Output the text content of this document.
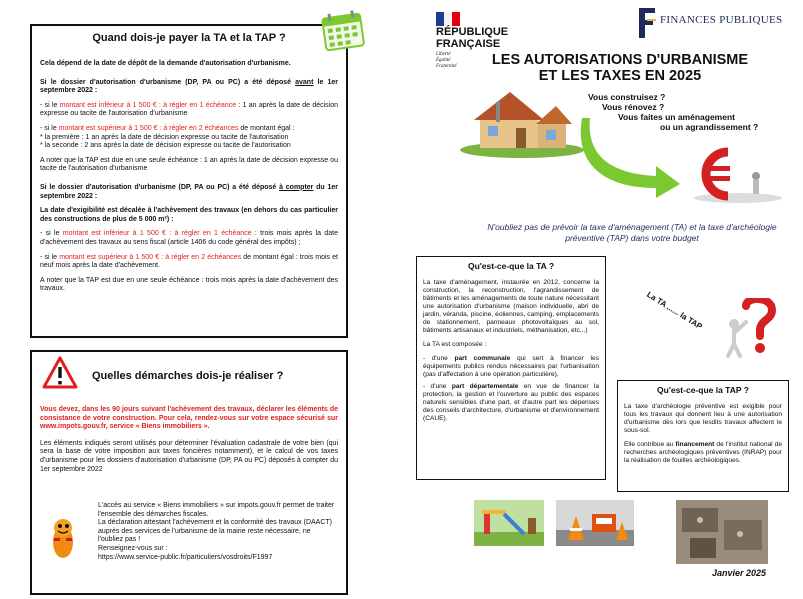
Quand dois-je payer la TA et la TAP ?

Cela dépend de la date de dépôt de la demande d'autorisation d'urbanisme.

Si le dossier d'autorisation d'urbanisme (DP, PA ou PC) a été déposé avant le 1er septembre 2022 :

- si le montant est inférieur à 1 500 € : à régler en 1 échéance : 1 an après la date de décision expresse ou tacite de l'autorisation d'urbanisme

- si le montant est supérieur à 1 500 € : à régler en 2 échéances de montant égal :

* la première : 1 an après la date de décision expresse ou tacite de l'autorisation

* la seconde : 2 ans après la date de décision expresse ou tacite de l'autorisation

A noter que la TAP est due en une seule échéance : 1 an après la date de décision expresse ou tacite de l'autorisation d'urbanisme

Si le dossier d'autorisation d'urbanisme (DP, PA ou PC) a été déposé à compter du 1er septembre 2022 :

La date d'exigibilité est décalée à l'achèvement des travaux (en dehors du cas particulier des constructions de plus de 5 000 m²) :

- si le montant est inférieur à 1 500 € : à régler en 1 échéance : trois mois après la date d'achèvement des travaux au sens fiscal (article 1406 du code général des impôts) ;

- si le montant est supérieur à 1 500 € : à régler en 2 échéances de montant égal : trois mois et neuf mois après la date d'achèvement.

A noter que la TAP est due en une seule échéance : trois mois après la date d'achèvement des travaux.

Quelles démarches dois-je réaliser ?

Vous devez, dans les 90 jours suivant l'achèvement des travaux, déclarer les éléments de consistance de votre construction. Pour cela, rendez-vous sur votre espace sécurisé sur www.impots.gouv.fr, service « Biens immobiliers ».

Les éléments indiqués seront utilisés pour déterminer l'évaluation cadastrale de votre bien (qui sera la base de votre imposition aux taxes foncières notamment), et le calcul de vos taxes d'urbanisme pour les dossiers d'autorisation d'urbanisme (DP, PA ou PC) déposés à compter du 1er septembre 2022

L'accès au service « Biens immobiliers » sur impots.gouv.fr permet de traiter l'ensemble des démarches fiscales.

La déclaration attestant l'achèvement et la conformité des travaux (DAACT) auprès des services de l'urbanisme de la mairie reste nécessaire, ne l'oubliez pas !

Renseignez-vous sur :

https://www.service-public.fr/particuliers/vosdroits/F1997

RÉPUBLIQUE
FRANÇAISE
Liberté
Égalité
Fraternité
FINANCES PUBLIQUES
LES AUTORISATIONS D'URBANISME
ET LES TAXES EN 2025
Vous construisez ?
Vous rénovez ?
Vous faites un aménagement
ou un agrandissement ?
N'oubliez pas de prévoir la taxe d'aménagement (TA) et la taxe d'archéologie préventive (TAP) dans votre budget
Qu'est-ce-que la TA ?

La taxe d'aménagement, instaurée en 2012, concerne la construction, la reconstruction, l'agrandissement de bâtiments et les aménagements de toute nature nécessitant une autorisation d'urbanisme (maison individuelle, abri de jardin, véranda, piscine, éoliennes, camping, emplacements de stationnement, panneaux photovoltaïques au sol, bâtiments artisanaux et industriels, méthanisation, etc...)

La TA est composée :

- d'une part communale qui sert à financer les équipements publics rendus nécessaires par l'urbanisation (pas d'affectation à une opération particulière),

- d'une part départementale en vue de financer la protection, la gestion et l'ouverture au public des espaces naturels sensibles d'une part, et d'autre part les dépenses des conseils d'architecture, d'urbanisme et d'environnement (CAUE).

La TA ...... la TAP
Qu'est-ce-que la TAP ?

La taxe d'archéologie préventive est exigible pour tous les travaux qui donnent lieu à une autorisation d'urbanisme dès lors que lesdits travaux affectent le sous-sol.

Elle contribue au financement de l'institut national de recherches archéologiques préventives (INRAP) pour la réalisation de fouilles archéologiques.

Janvier 2025
